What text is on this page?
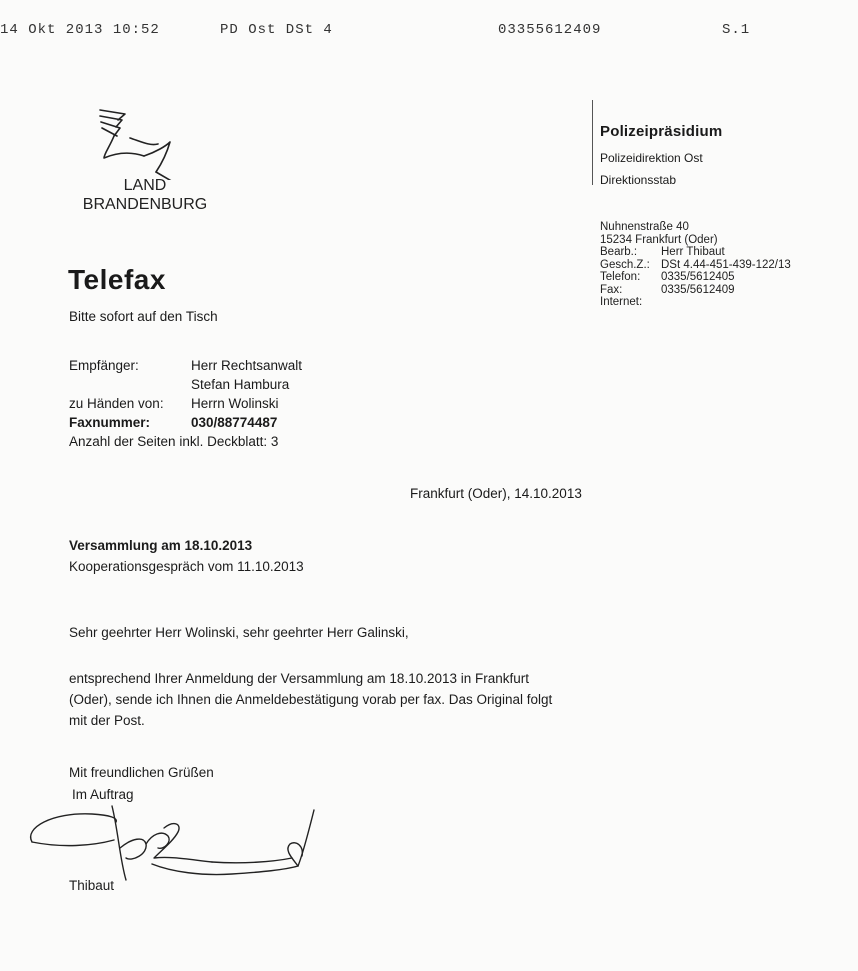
14 Okt 2013 10:52	PD Ost DSt 4	03355612409	S.1
LAND
BRANDENBURG
Polizeipräsidium
Polizeidirektion Ost
Direktionsstab
Nuhnenstraße 40
15234 Frankfurt (Oder)
Bearb.: Herr Thibaut
Gesch.Z.: DSt 4.44-451-439-122/13
Telefon: 0335/5612405
Fax:	0335/5612409
Internet:
Telefax
Bitte sofort auf den Tisch
Empfänger:	Herr Rechtsanwalt
Stefan Hambura
zu Händen von: Herrn Wolinski
Faxnummer:	030/88774487
Anzahl der Seiten inkl. Deckblatt: 3
Frankfurt (Oder), 14.10.2013
Versammlung am 18.10.2013
Kooperationsgespräch vom 11.10.2013
Sehr geehrter Herr Wolinski, sehr geehrter Herr Galinski,
entsprechend Ihrer Anmeldung der Versammlung am 18.10.2013 in Frankfurt
(Oder), sende ich Ihnen die Anmeldebestätigung vorab per fax. Das Original folgt
mit der Post.
Mit freundlichen Grüßen
Im Auftrag
Thibaut
